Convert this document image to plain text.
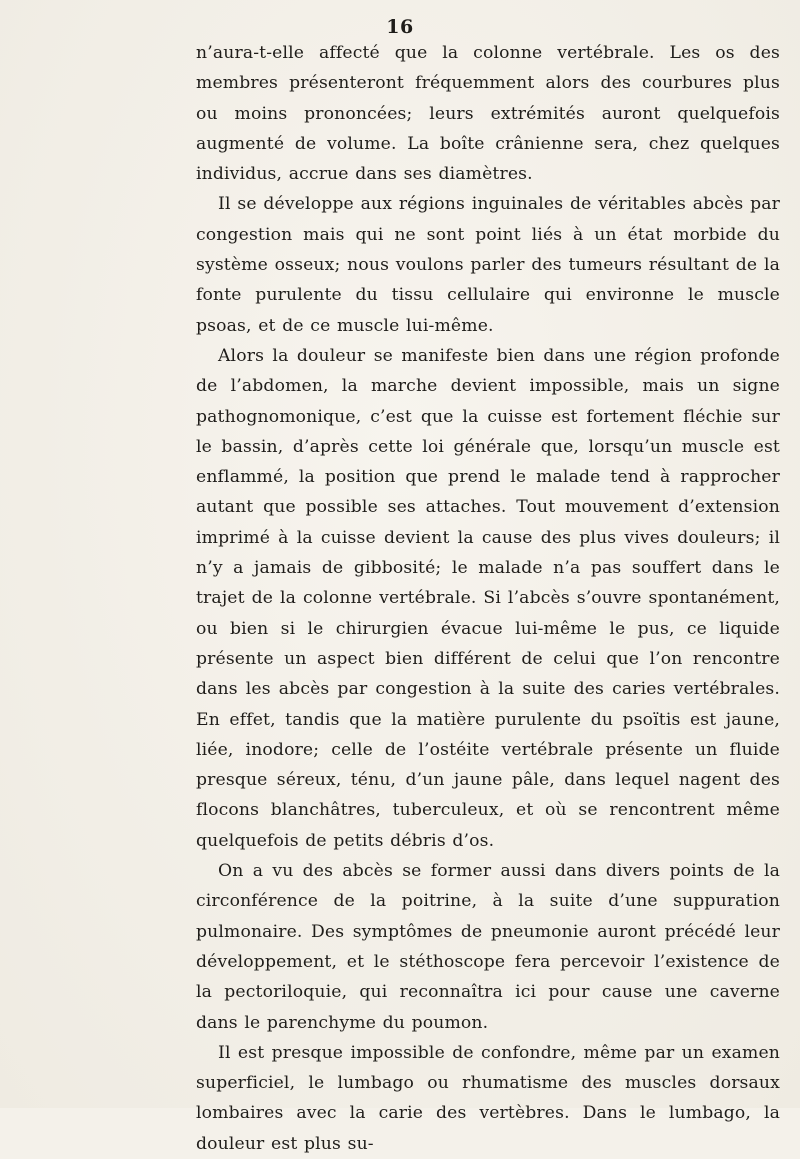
16

n’aura-t-elle affecté que la colonne vertébrale. Les os des membres présenteront fréquemment alors des courbures plus ou moins prononcées; leurs extrémités auront quelquefois augmenté de volume. La boîte crânienne sera, chez quelques individus, accrue dans ses diamètres.

Il se développe aux régions inguinales de véritables abcès par congestion mais qui ne sont point liés à un état morbide du système osseux; nous voulons parler des tumeurs résultant de la fonte purulente du tissu cellulaire qui environne le muscle psoas, et de ce muscle lui-même.

Alors la douleur se manifeste bien dans une région profonde de l’abdomen, la marche devient impossible, mais un signe pathognomonique, c’est que la cuisse est fortement fléchie sur le bassin, d’après cette loi générale que, lorsqu’un muscle est enflammé, la position que prend le malade tend à rapprocher autant que possible ses attaches. Tout mouvement d’extension imprimé à la cuisse devient la cause des plus vives douleurs; il n’y a jamais de gibbosité; le malade n’a pas souffert dans le trajet de la colonne vertébrale. Si l’abcès s’ouvre spontanément, ou bien si le chirurgien évacue lui-même le pus, ce liquide présente un aspect bien différent de celui que l’on rencontre dans les abcès par congestion à la suite des caries vertébrales. En effet, tandis que la matière purulente du psoïtis est jaune, liée, inodore; celle de l’ostéite vertébrale présente un fluide presque séreux, ténu, d’un jaune pâle, dans lequel nagent des flocons blanchâtres, tuberculeux, et où se rencontrent même quelquefois de petits débris d’os.

On a vu des abcès se former aussi dans divers points de la circonférence de la poitrine, à la suite d’une suppuration pulmonaire. Des symptômes de pneumonie auront précédé leur développement, et le stéthoscope fera percevoir l’existence de la pectoriloquie, qui reconnaîtra ici pour cause une caverne dans le parenchyme du poumon.

Il est presque impossible de confondre, même par un examen superficiel, le lumbago ou rhumatisme des muscles dorsaux lombaires avec la carie des vertèbres. Dans le lumbago, la douleur est plus su-
